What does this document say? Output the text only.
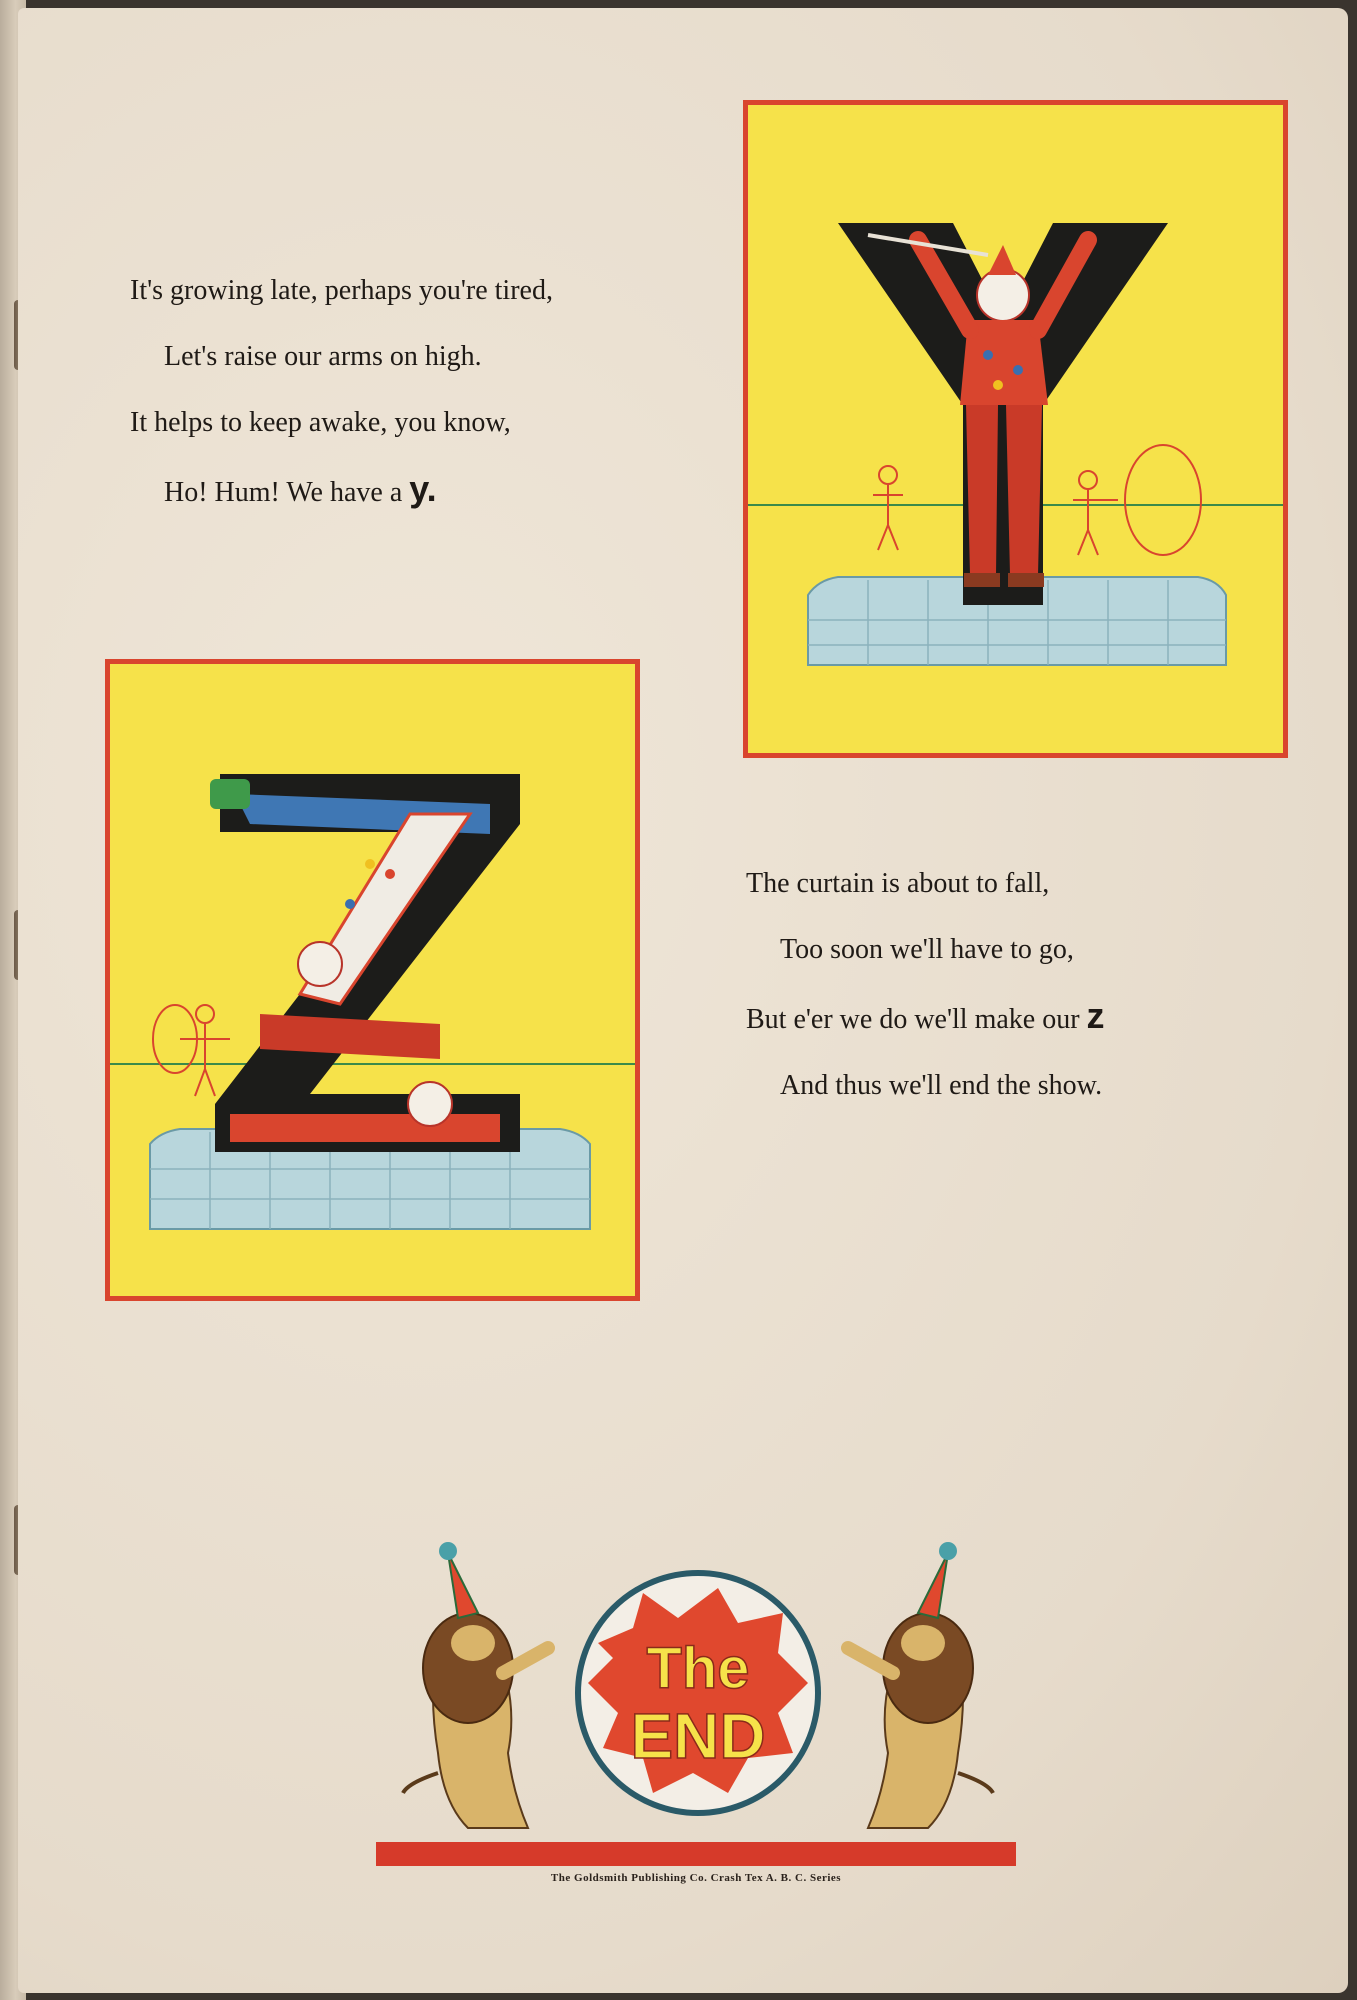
It's growing late, perhaps you're tired,
Let's raise our arms on high.
It helps to keep awake, you know,
Ho! Hum! We have a y.
The curtain is about to fall,
Too soon we'll have to go,
But e'er we do we'll make our z
And thus we'll end the show.
The
END
The Goldsmith Publishing Co. Crash Tex A. B. C. Series
